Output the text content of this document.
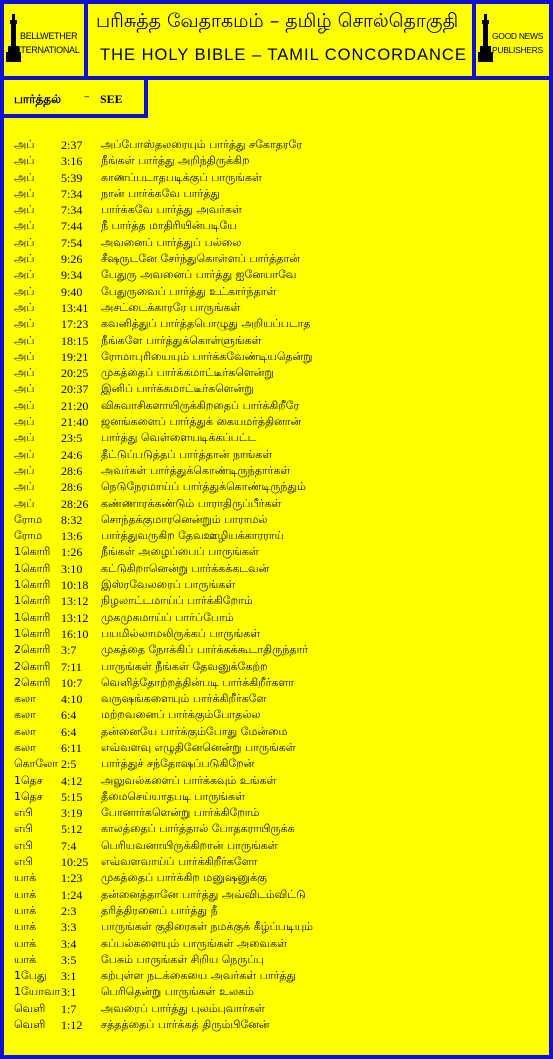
BELLWETHER
INTERNATIONAL
பரிசுத்த வேதாகமம் – தமிழ் சொல்தொகுதி
THE HOLY BIBLE – TAMIL CONCORDANCE
GOOD NEWS
PUBLISHERS
பார்த்தல் – SEE
அப் 2:37 அப்போஸ்தலரையும் பார்த்து சகோதரரே
அப் 3:16 நீங்கள் பார்த்து அறிந்திருக்கிற
அப் 5:39 காணப்படாதபடிக்குப் பாருங்கள்
அப் 7:34 நான் பார்க்கவே பார்த்து
அப் 7:34 பார்க்கவே பார்த்து அவர்கள்
அப் 7:44 நீ பார்த்த மாதிரியின்படியே
அப் 7:54 அவனைப் பார்த்துப் பல்லை
அப் 9:26 சீஷருடனே சேர்ந்துகொள்ளப் பார்த்தான்
அப் 9:34 பேதுரு அவனைப் பார்த்து ஐனேயாவே
அப் 9:40 பேதுருவைப் பார்த்து உட்கார்ந்தாள்
அப் 13:41 அசட்டைக்காரரே பாருங்கள்
அப் 17:23 கவனித்துப் பார்த்தபொழுது அறியப்படாத
அப் 18:15 நீங்களே பார்த்துக்கொள்ளுங்கள்
அப் 19:21 ரோமாபுரியையும் பார்க்கவேண்டியதென்று
அப் 20:25 முகத்தைப் பார்க்கமாட்டீர்களென்று
அப் 20:37 இனிப் பார்க்கமாட்டீர்களென்று
அப் 21:20 விசுவாசிகளாயிருக்கிறதைப் பார்க்கிறீரே
அப் 21:40 ஜனங்களைப் பார்த்துக் கையமர்த்தினான்
அப் 23:5 பார்த்து வெள்ளையடிக்கப்பட்ட
அப் 24:6 தீட்டுப்படுத்தப் பார்த்தான் நாங்கள்
அப் 28:6 அவர்கள் பார்த்துக்கொண்டிருந்தார்கள்
அப் 28:6 நெடுநேரமாய்ப் பார்த்துக்கொண்டிருந்தும்
அப் 28:26 கண்ணாரக்கண்டும் பாராதிருப்பீர்கள்
ரோம 8:32 சொந்தக்குமாரனென்றும் பாராமல்
ரோம 13:6 பார்த்துவருகிற தேவஊழியக்காரராய்
1கொரி 1:26 நீங்கள் அழைப்பைப் பாருங்கள்
1கொரி 3:10 கட்டுகிறானென்று பார்க்கக்கடவன்
1கொரி 10:18 இஸ்ரவேலரைப் பாருங்கள்
1கொரி 13:12 நிழலாட்டமாய்ப் பார்க்கிறோம்
1கொரி 13:12 முகமுகமாய்ப் பார்ப்போம்
1கொரி 16:10 பயமில்லாமலிருக்கப் பாருங்கள்
2கொரி 3:7 முகத்தை நோக்கிப் பார்க்கக்கூடாதிருந்தார்
2கொரி 7:11 பாருங்கள் நீங்கள் தேவனுக்கேற்ற
2கொரி 10:7 வெளித்தோற்றத்தின்படி பார்க்கிறீர்களா
கலா 4:10 வருஷங்களையும் பார்க்கிறீர்களே
கலா 6:4 மற்றவனைப் பார்க்கும்போதல்ல
கலா 6:4 தன்னையே பார்க்கும்போது மேன்மை
கலா 6:11 எவ்வளவு எழுதினேனென்று பாருங்கள்
கொலோ 2:5 பார்த்துச் சந்தோஷப்படுகிறேன்
1தெச 4:12 அலுவல்களைப் பார்க்கவும் உங்கள்
1தெச 5:15 தீமைசெய்யாதபடி பாருங்கள்
எபி 3:19 போனார்களென்று பார்க்கிறோம்
எபி 5:12 காலத்தைப் பார்த்தால் போதகராயிருக்க
எபி 7:4 பெரியவனாயிருக்கிறான் பாருங்கள்
எபி 10:25 எவ்வளவாய்ப் பார்க்கிறீர்களோ
யாக் 1:23 முகத்தைப் பார்க்கிற மனுஷனுக்கு
யாக் 1:24 தன்னைத்தானே பார்த்து அவ்விடம்விட்டு
யாக் 2:3 தரித்திரனைப் பார்த்து நீ
யாக் 3:3 பாருங்கள் குதிரைகள் நமக்குக் கீழ்ப்படியும்
யாக் 3:4 கப்பல்களையும் பாருங்கள் அவைகள்
யாக் 3:5 பேசும் பாருங்கள் சிறிய நெருப்பு
1பேது 3:1 கற்புள்ள நடக்கையை அவர்கள் பார்த்து
1யோவா 3:1 பெரிதென்று பாருங்கள் உலகம்
வெளி 1:7 அவரைப் பார்த்து புலம்புவார்கள்
வெளி 1:12 சத்தத்தைப் பார்க்கத் திரும்பினேன்
